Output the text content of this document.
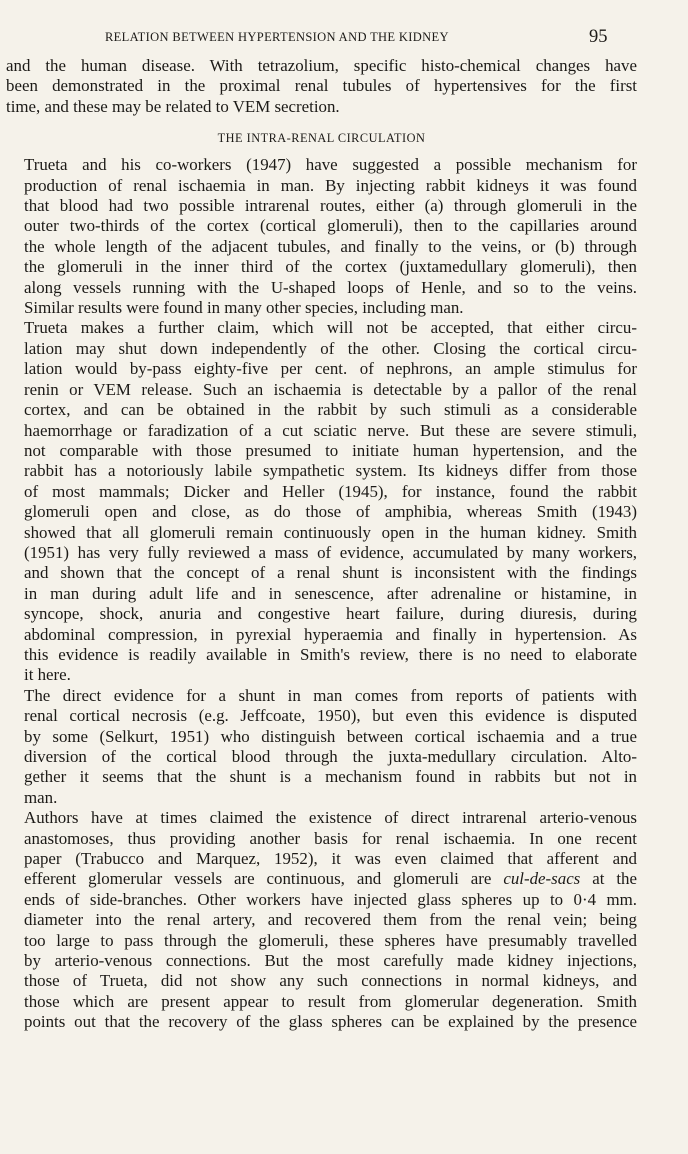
RELATION BETWEEN HYPERTENSION AND THE KIDNEY	95

and the human disease. With tetrazolium, specific histo-chemical changes have
been demonstrated in the proximal renal tubules of hypertensives for the first
time, and these may be related to VEM secretion.

THE INTRA-RENAL CIRCULATION

Trueta and his co-workers (1947) have suggested a possible mechanism for
production of renal ischaemia in man. By injecting rabbit kidneys it was found
that blood had two possible intrarenal routes, either (a) through glomeruli in the
outer two-thirds of the cortex (cortical glomeruli), then to the capillaries around
the whole length of the adjacent tubules, and finally to the veins, or (b) through
the glomeruli in the inner third of the cortex (juxtamedullary glomeruli), then
along vessels running with the U-shaped loops of Henle, and so to the veins.
Similar results were found in many other species, including man.

Trueta makes a further claim, which will not be accepted, that either circu-
lation may shut down independently of the other. Closing the cortical circu-
lation would by-pass eighty-five per cent. of nephrons, an ample stimulus for
renin or VEM release. Such an ischaemia is detectable by a pallor of the renal
cortex, and can be obtained in the rabbit by such stimuli as a considerable
haemorrhage or faradization of a cut sciatic nerve. But these are severe stimuli,
not comparable with those presumed to initiate human hypertension, and the
rabbit has a notoriously labile sympathetic system. Its kidneys differ from those
of most mammals; Dicker and Heller (1945), for instance, found the rabbit
glomeruli open and close, as do those of amphibia, whereas Smith (1943)
showed that all glomeruli remain continuously open in the human kidney. Smith
(1951) has very fully reviewed a mass of evidence, accumulated by many workers,
and shown that the concept of a renal shunt is inconsistent with the findings
in man during adult life and in senescence, after adrenaline or histamine, in
syncope, shock, anuria and congestive heart failure, during diuresis, during
abdominal compression, in pyrexial hyperaemia and finally in hypertension. As
this evidence is readily available in Smith's review, there is no need to elaborate
it here.

The direct evidence for a shunt in man comes from reports of patients with
renal cortical necrosis (e.g. Jeffcoate, 1950), but even this evidence is disputed
by some (Selkurt, 1951) who distinguish between cortical ischaemia and a true
diversion of the cortical blood through the juxta-medullary circulation. Alto-
gether it seems that the shunt is a mechanism found in rabbits but not in
man.

Authors have at times claimed the existence of direct intrarenal arterio-venous
anastomoses, thus providing another basis for renal ischaemia. In one recent
paper (Trabucco and Marquez, 1952), it was even claimed that afferent and
efferent glomerular vessels are continuous, and glomeruli are cul-de-sacs at the
ends of side-branches. Other workers have injected glass spheres up to 0·4 mm.
diameter into the renal artery, and recovered them from the renal vein; being
too large to pass through the glomeruli, these spheres have presumably travelled
by arterio-venous connections. But the most carefully made kidney injections,
those of Trueta, did not show any such connections in normal kidneys, and
those which are present appear to result from glomerular degeneration. Smith
points out that the recovery of the glass spheres can be explained by the presence
